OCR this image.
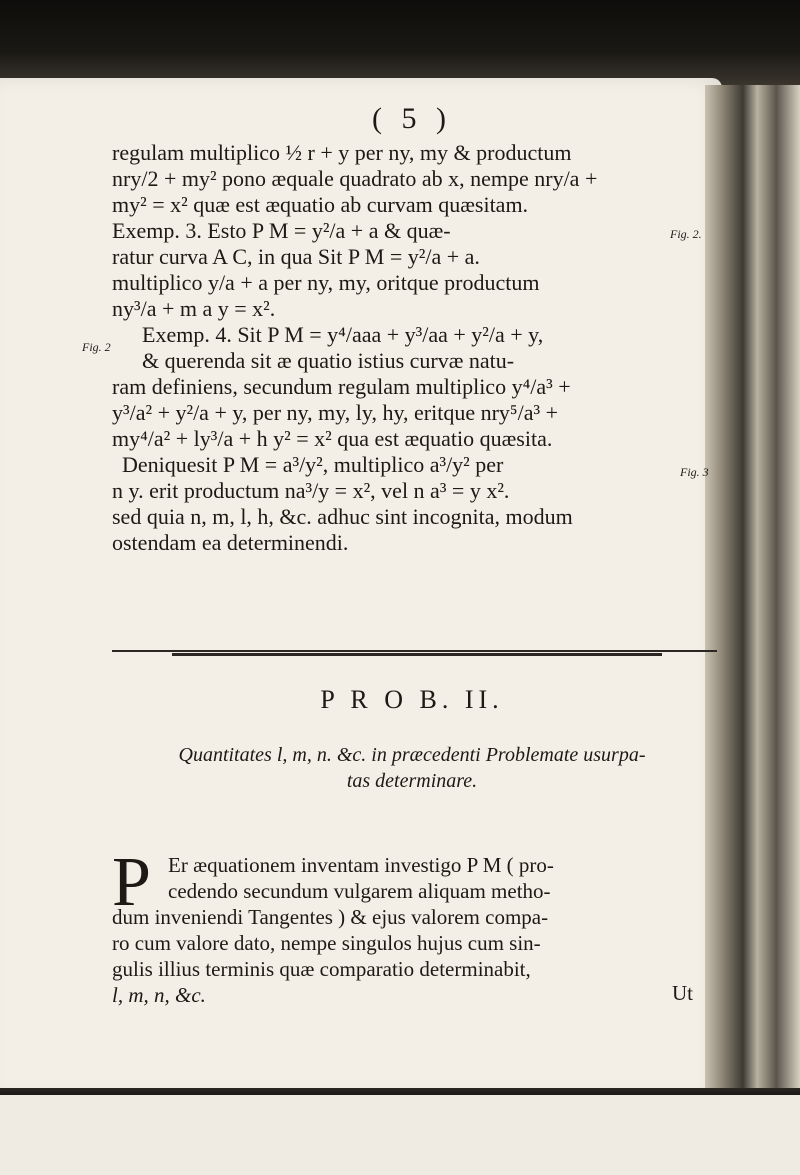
( 5 )
regulam multiplico ½ r + y per ny, my & productum
nry/2 + my² pono æquale quadrato ab x, nempe nry/a +
my² = x² quæ est æquatio ab curvam quæsitam.
Exemp. 3. Esto P M = y²/a + a & quæ-	Fig. 2.
ratur curva A C, in qua Sit P M = y²/a + a.
multiplico y/a + a per ny, my, oritque productum
ny³/a + m a y = x².
Exemp. 4. Sit P M = y⁴/aaa + y³/aa + y²/a + y,
Fig. 2
& querenda sit æ quatio istius curvæ natu-
ram definiens, secundum regulam multiplico y⁴/a³ +
y³/a² + y²/a + y, per ny, my, ly, hy, eritque nry⁵/a³ +
my⁴/a² + ly³/a + h y² = x² qua est æquatio quæsita.
Deniquesit P M = a³/y², multiplico a³/y² per	Fig. 3
n y. erit productum na³/y = x², vel n a³ = y x².
sed quia n, m, l, h, &c. adhuc sint incognita, modum
ostendam ea determinendi.
P R O B. II.
Quantitates l, m, n. &c. in præcedenti Problemate usurpa-
tas determinare.
P Er æquationem inventam investigo P M ( pro-
cedendo secundum vulgarem aliquam metho-
dum inveniendi Tangentes ) & ejus valorem compa-
ro cum valore dato, nempe singulos hujus cum sin-
gulis illius terminis quæ comparatio determinabit,
l, m, n, &c.	Ut
